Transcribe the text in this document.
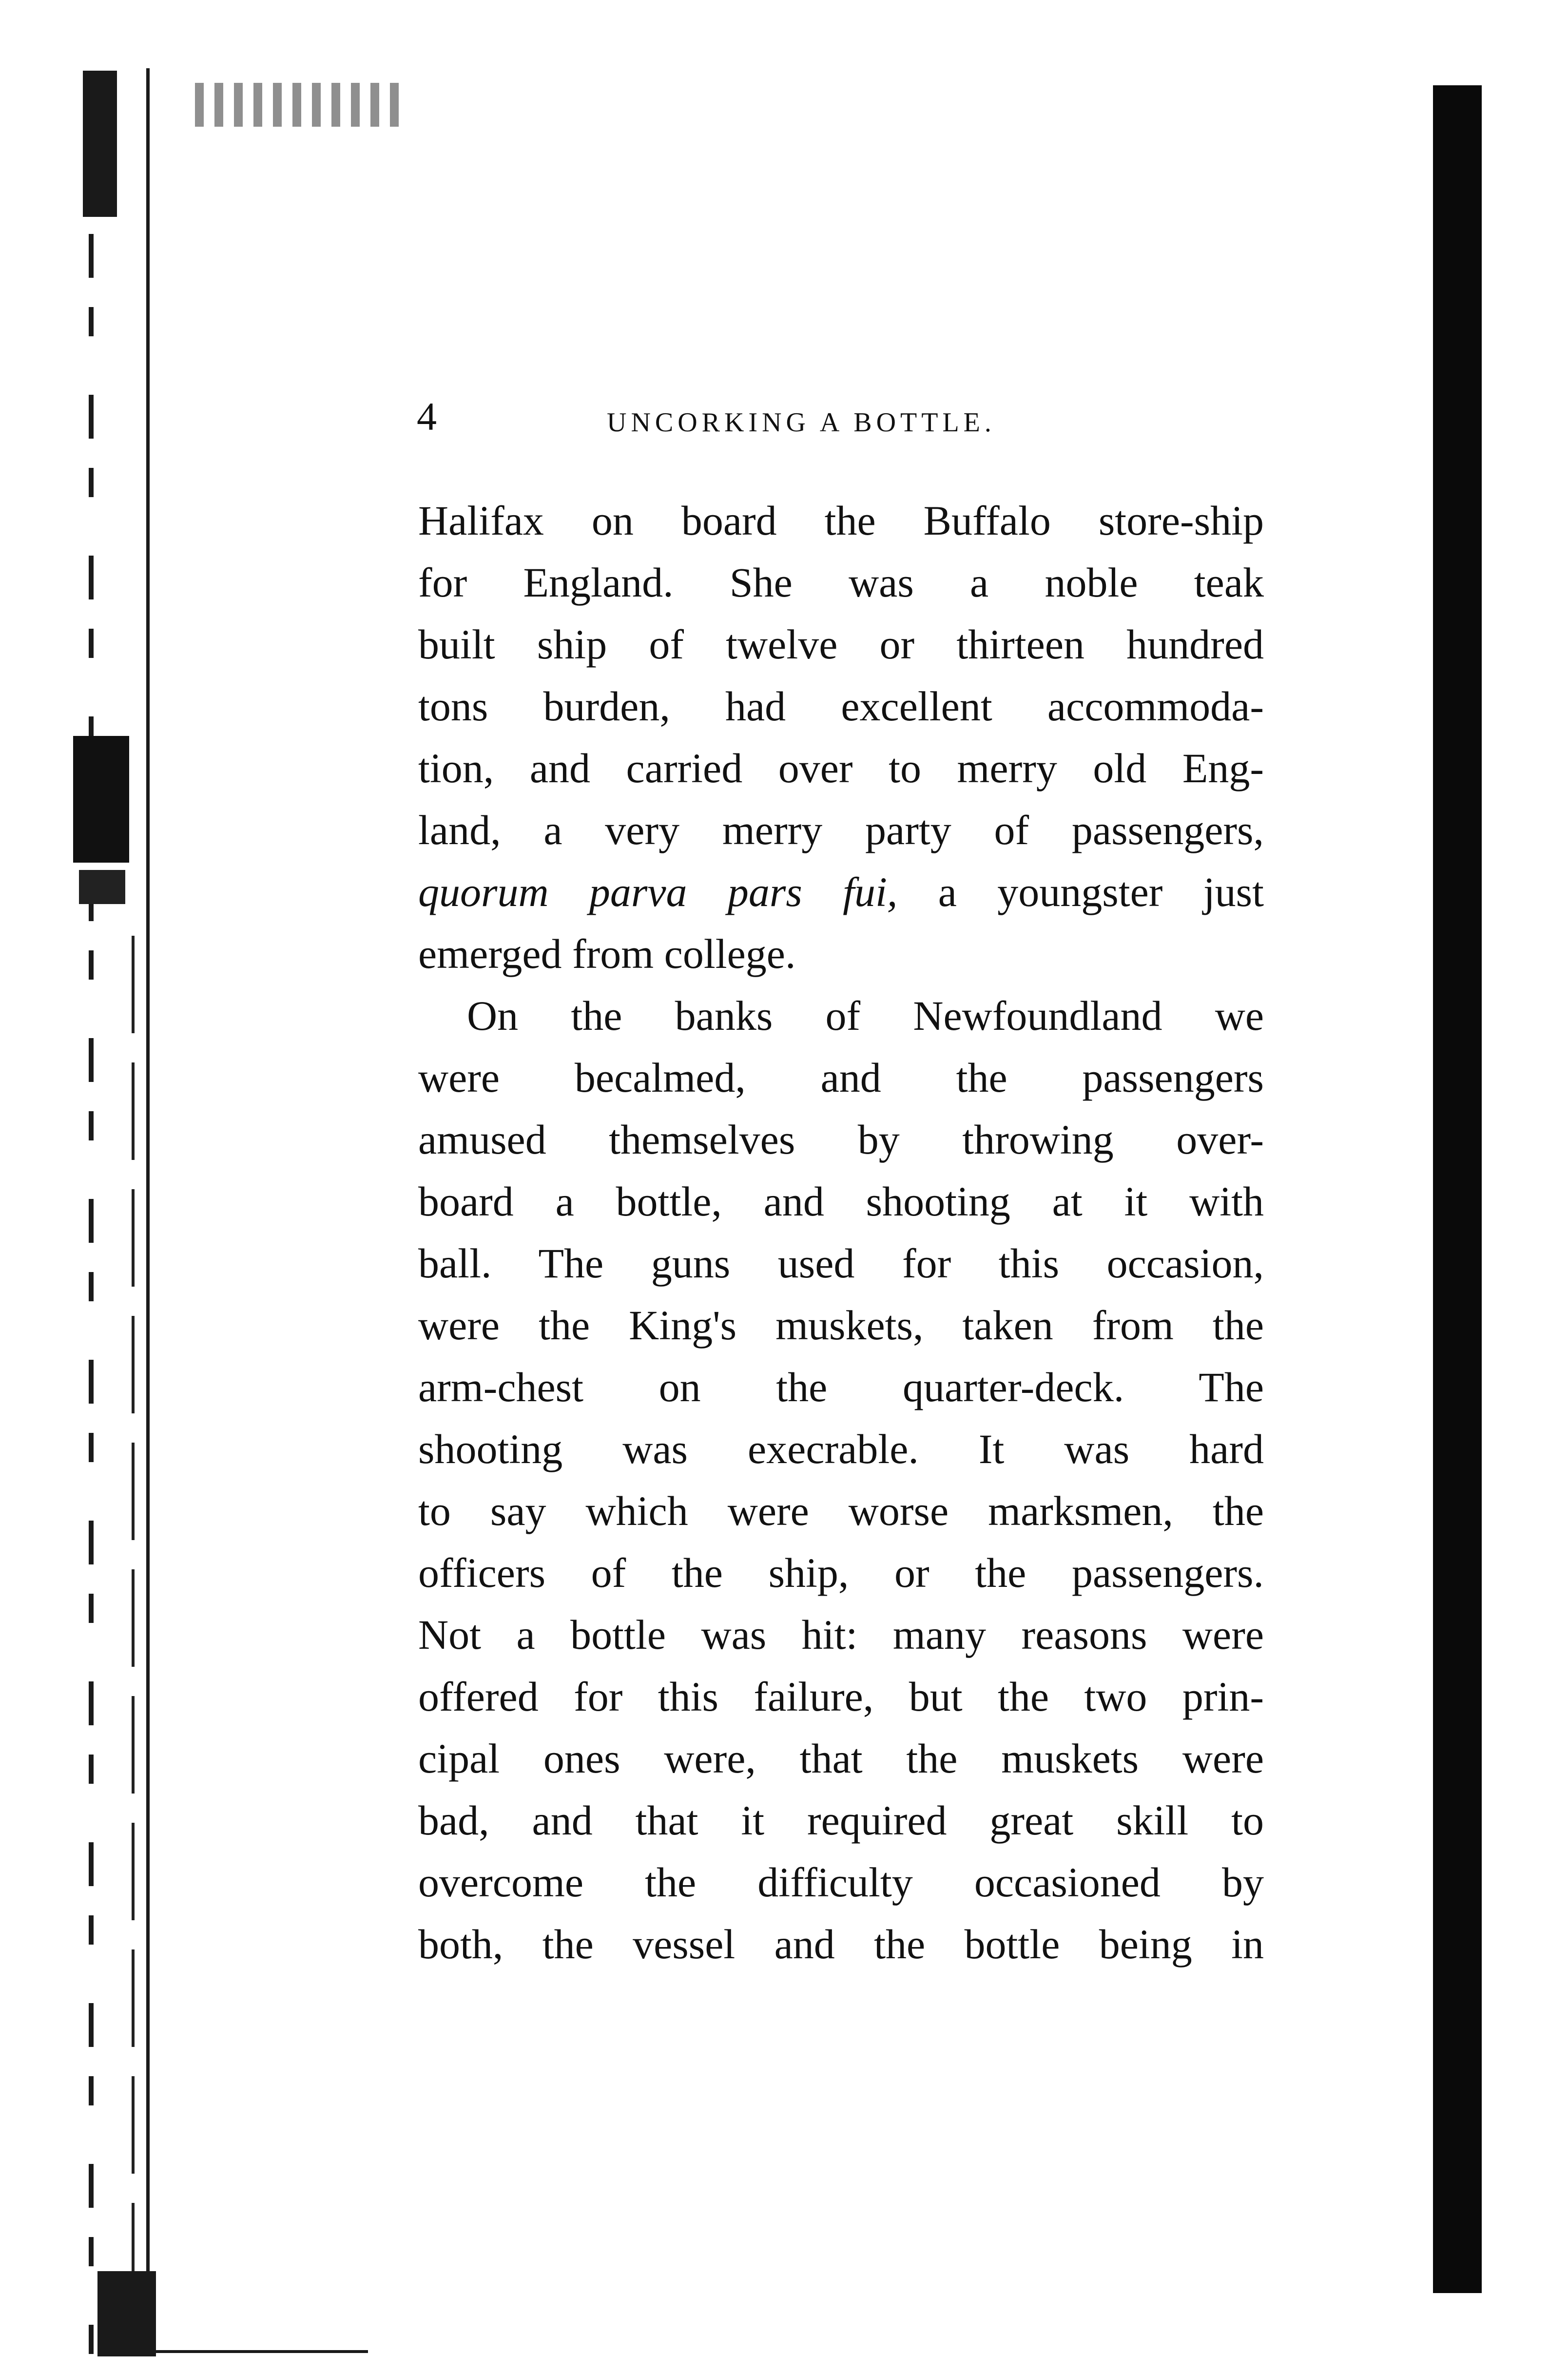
4	UNCORKING A BOTTLE.
Halifax on board the Buffalo store-ship
for England. She was a noble teak
built ship of twelve or thirteen hundred
tons burden, had excellent accommoda-
tion, and carried over to merry old Eng-
land, a very merry party of passengers,
quorum parva pars fui, a youngster just
emerged from college.
On the banks of Newfoundland we
were becalmed, and the passengers
amused themselves by throwing over-
board a bottle, and shooting at it with
ball. The guns used for this occasion,
were the King's muskets, taken from the
arm-chest on the quarter-deck. The
shooting was execrable. It was hard
to say which were worse marksmen, the
officers of the ship, or the passengers.
Not a bottle was hit: many reasons were
offered for this failure, but the two prin-
cipal ones were, that the muskets were
bad, and that it required great skill to
overcome the difficulty occasioned by
both, the vessel and the bottle being in
